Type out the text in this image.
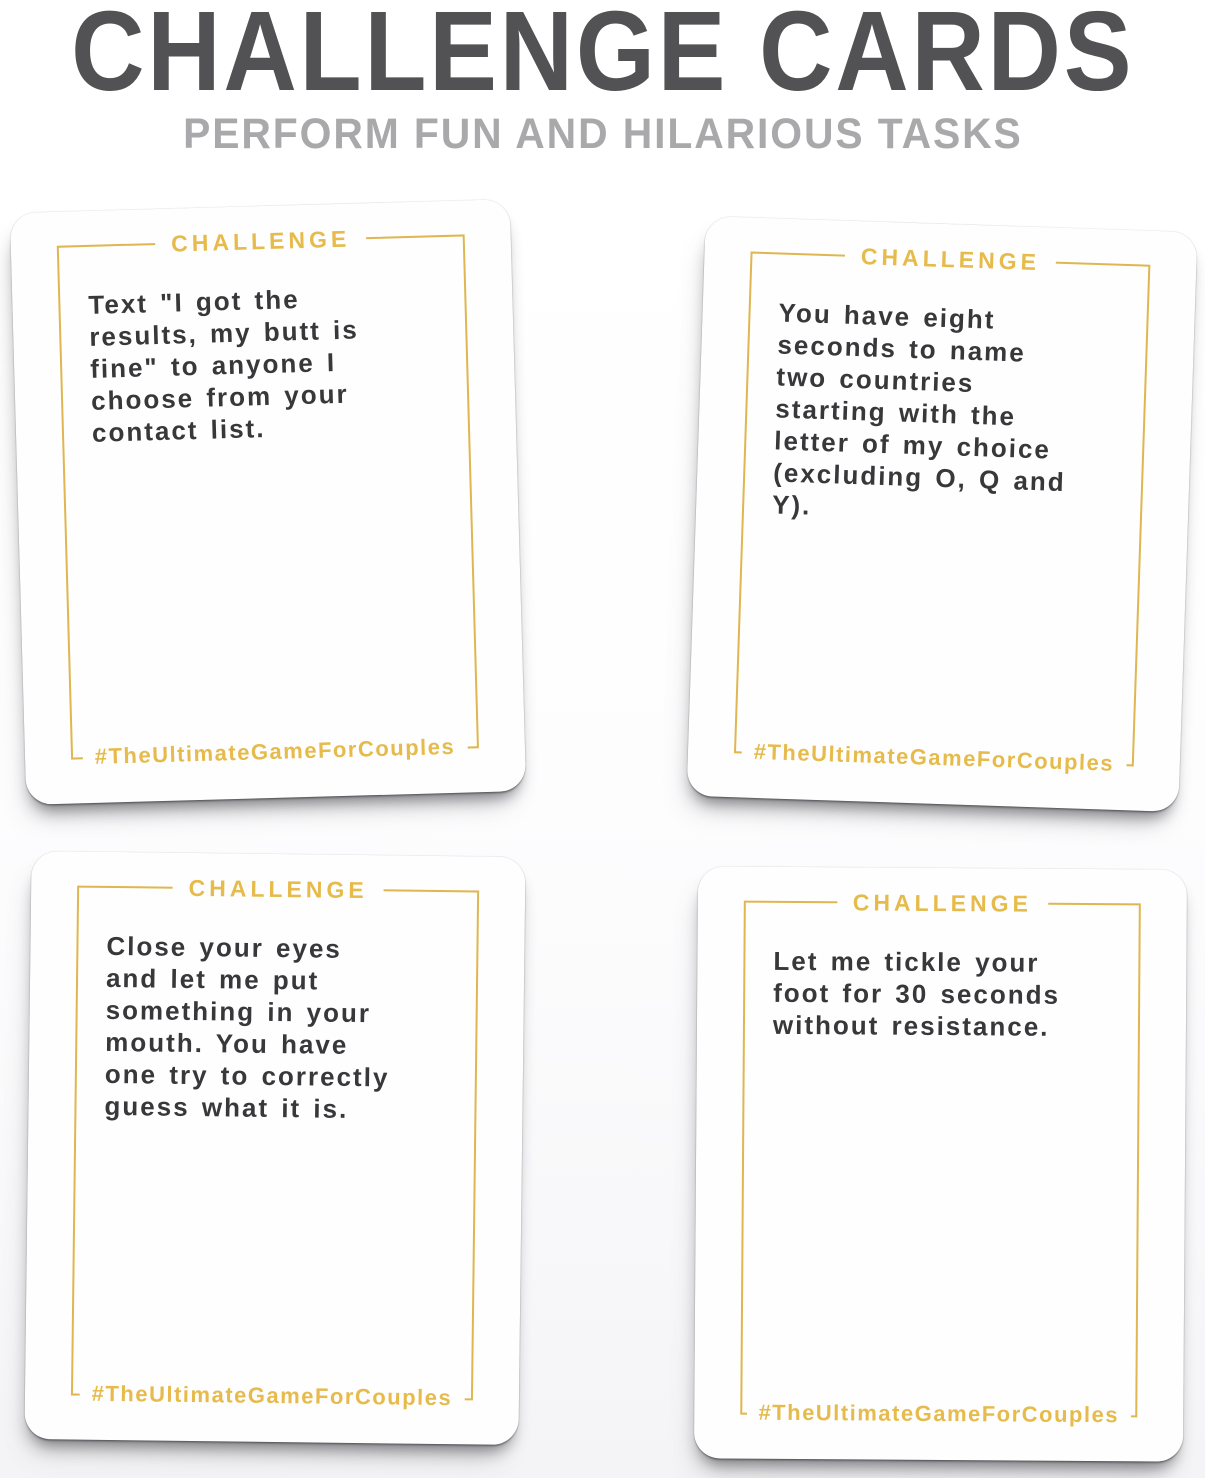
CHALLENGE CARDS
PERFORM FUN AND HILARIOUS TASKS
CHALLENGE
#TheUltimateGameForCouples
Text "I got the
results, my butt is
fine" to anyone I
choose from your
contact list.
CHALLENGE
#TheUltimateGameForCouples
You have eight
seconds to name
two countries
starting with the
letter of my choice
(excluding O, Q and
Y).
CHALLENGE
#TheUltimateGameForCouples
Close your eyes
and let me put
something in your
mouth. You have
one try to correctly
guess what it is.
CHALLENGE
#TheUltimateGameForCouples
Let me tickle your
foot for 30 seconds
without resistance.
